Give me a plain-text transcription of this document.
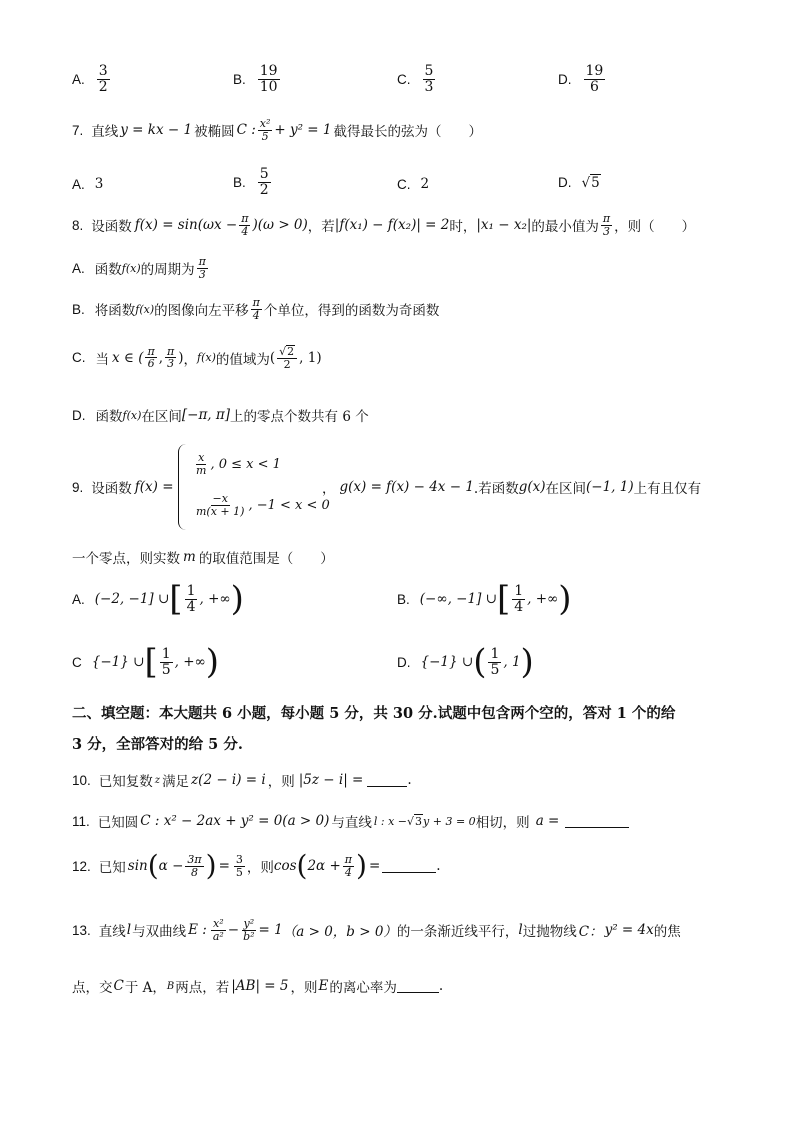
A. $\frac{3}{2}$	B. $\frac{19}{10}$	C. $\frac{5}{3}$	D. $\frac{19}{6}$
7. 直线 y = kx − 1 被椭圆 C : $\frac{\text{x²}}{5} + y^2 = 1$ 截得最长的弦为（　　）
A. 3	B. $\frac{5}{2}$	C. 2	D. √ 5
8. 设函数 $f(x) = \sin(\omega x - \frac{\pi}{4} )(\omega > 0)$ ，若 |f(x₁) − f(x₂)| = 2 时， |x₁ − x₂| 的最小值为 $\frac{\pi}{3}$ ，则（　　）
A. 函数 f(x) 的周期为 $\frac{\pi}{3}$
B. 将函数 f(x) 的图像向左平移 $\frac{\pi}{4}$ 个单位，得到的函数为奇函数
C. 当 x ∈ ( $\frac{\pi}{6}$ , $\frac{\pi}{3}$ ) ， f(x) 的值域为 ( $\frac{√ 2}{2}$ , 1)
D. 函数 f(x) 在区间 [−π, π] 上的零点个数共有 6 个
9. 设函数 f(x) =
$\frac{x}{m}$ , 0 ≤ x < 1
$\frac{-x}{m(x + 1)}$ , −1 < x < 0
， g(x) = f(x) − 4x − 1 .若函数 g(x) 在区间 (−1, 1) 上有且仅有
一个零点，则实数 m 的取值范围是（　　）
A. (−2, −1] ∪ [ $\frac{1}{4}$ , +∞ )	B. (−∞, −1] ∪ [ $\frac{1}{4}$ , +∞ )
C {−1} ∪ [ $\frac{1}{5}$ , +∞ )	D. {−1} ∪ ( $\frac{1}{5}$ , 1 )
二、填空题：本大题共 6 小题，每小题 5 分，共 30 分.试题中包含两个空的，答对 1 个的给
3 分，全部答对的给 5 分.
10. 已知复数 z 满足 z(2 − i) = i ，则 |5z − i| =	.
11. 已知圆 C : x² − 2ax + y² = 0(a > 0) 与直线 l : x − √ 3 y + 3 = 0 相切，则 a =
12. 已知 sin ( $\alpha - \frac{3\pi}{8}$ ) = $\frac{3}{5}$ ，则 cos ( $2\alpha + \frac{\pi}{4}$ ) =	.
13. 直线 l 与双曲线 E : $\frac{\text{x²}}{\text{a²}} - \frac{\text{y²}}{\text{b²}} = 1$ （a > 0，b > 0） 的一条渐近线平行， l 过抛物线 C： y² = 4x 的焦
点，交 C 于 A， B 两点，若 |AB| = 5 ，则 E 的离心率为	.
